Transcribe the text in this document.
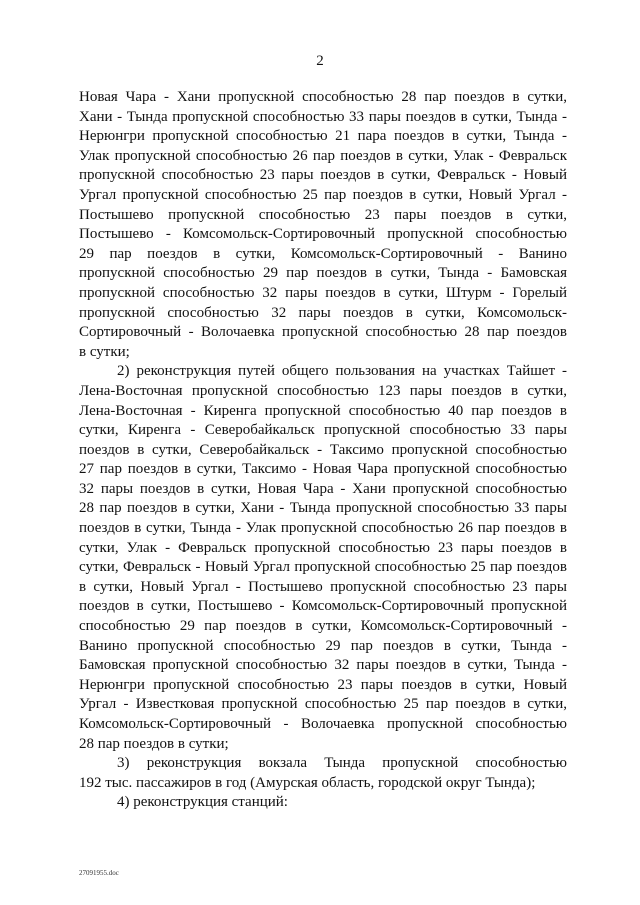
2
Новая Чара - Хани пропускной способностью 28 пар поездов в сутки,
Хани - Тында пропускной способностью 33 пары поездов в сутки, Тында -
Нерюнгри пропускной способностью 21 пара поездов в сутки, Тында -
Улак пропускной способностью 26 пар поездов в сутки, Улак - Февральск
пропускной способностью 23 пары поездов в сутки, Февральск - Новый
Ургал пропускной способностью 25 пар поездов в сутки, Новый Ургал -
Постышево пропускной способностью 23 пары поездов в сутки,
Постышево - Комсомольск-Сортировочный пропускной способностью
29 пар поездов в сутки, Комсомольск-Сортировочный - Ванино
пропускной способностью 29 пар поездов в сутки, Тында - Бамовская
пропускной способностью 32 пары поездов в сутки, Штурм - Горелый
пропускной способностью 32 пары поездов в сутки, Комсомольск-
Сортировочный - Волочаевка пропускной способностью 28 пар поездов
в сутки;
2) реконструкция путей общего пользования на участках Тайшет -
Лена-Восточная пропускной способностью 123 пары поездов в сутки,
Лена-Восточная - Киренга пропускной способностью 40 пар поездов в
сутки, Киренга - Северобайкальск пропускной способностью 33 пары
поездов в сутки, Северобайкальск - Таксимо пропускной способностью
27 пар поездов в сутки, Таксимо - Новая Чара пропускной способностью
32 пары поездов в сутки, Новая Чара - Хани пропускной способностью
28 пар поездов в сутки, Хани - Тында пропускной способностью 33 пары
поездов в сутки, Тында - Улак пропускной способностью 26 пар поездов в
сутки, Улак - Февральск пропускной способностью 23 пары поездов в
сутки, Февральск - Новый Ургал пропускной способностью 25 пар поездов
в сутки, Новый Ургал - Постышево пропускной способностью 23 пары
поездов в сутки, Постышево - Комсомольск-Сортировочный пропускной
способностью 29 пар поездов в сутки, Комсомольск-Сортировочный -
Ванино пропускной способностью 29 пар поездов в сутки, Тында -
Бамовская пропускной способностью 32 пары поездов в сутки, Тында -
Нерюнгри пропускной способностью 23 пары поездов в сутки, Новый
Ургал - Известковая пропускной способностью 25 пар поездов в сутки,
Комсомольск-Сортировочный - Волочаевка пропускной способностью
28 пар поездов в сутки;
3) реконструкция вокзала Тында пропускной способностью
192 тыс. пассажиров в год (Амурская область, городской округ Тында);
4) реконструкция станций:
27091955.doc
